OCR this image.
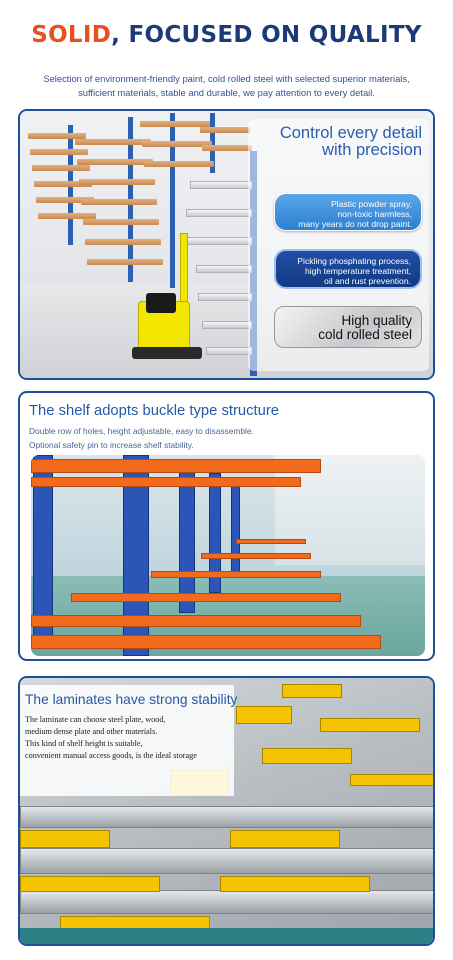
SOLID, FOCUSED ON QUALITY
Selection of environment-friendly paint, cold rolled steel with selected superior materials,
sufficient materials, stable and durable, we pay attention to every detail.
Control every detail
with precision
Plastic powder spray,
non-toxic harmless,
many years do not drop paint.
Pickling phosphating process,
high temperature treatment,
oil and rust prevention.
High quality
cold rolled steel
The shelf adopts buckle type structure
Double row of holes, height adjustable, easy to disassemble.
Optional safety pin to increase shelf stability.
The laminates have strong stability
The laminate can choose steel plate, wood,
medium dense plate and other materials.
This kind of shelf height is suitable,
convenient manual access goods, is the ideal storage
